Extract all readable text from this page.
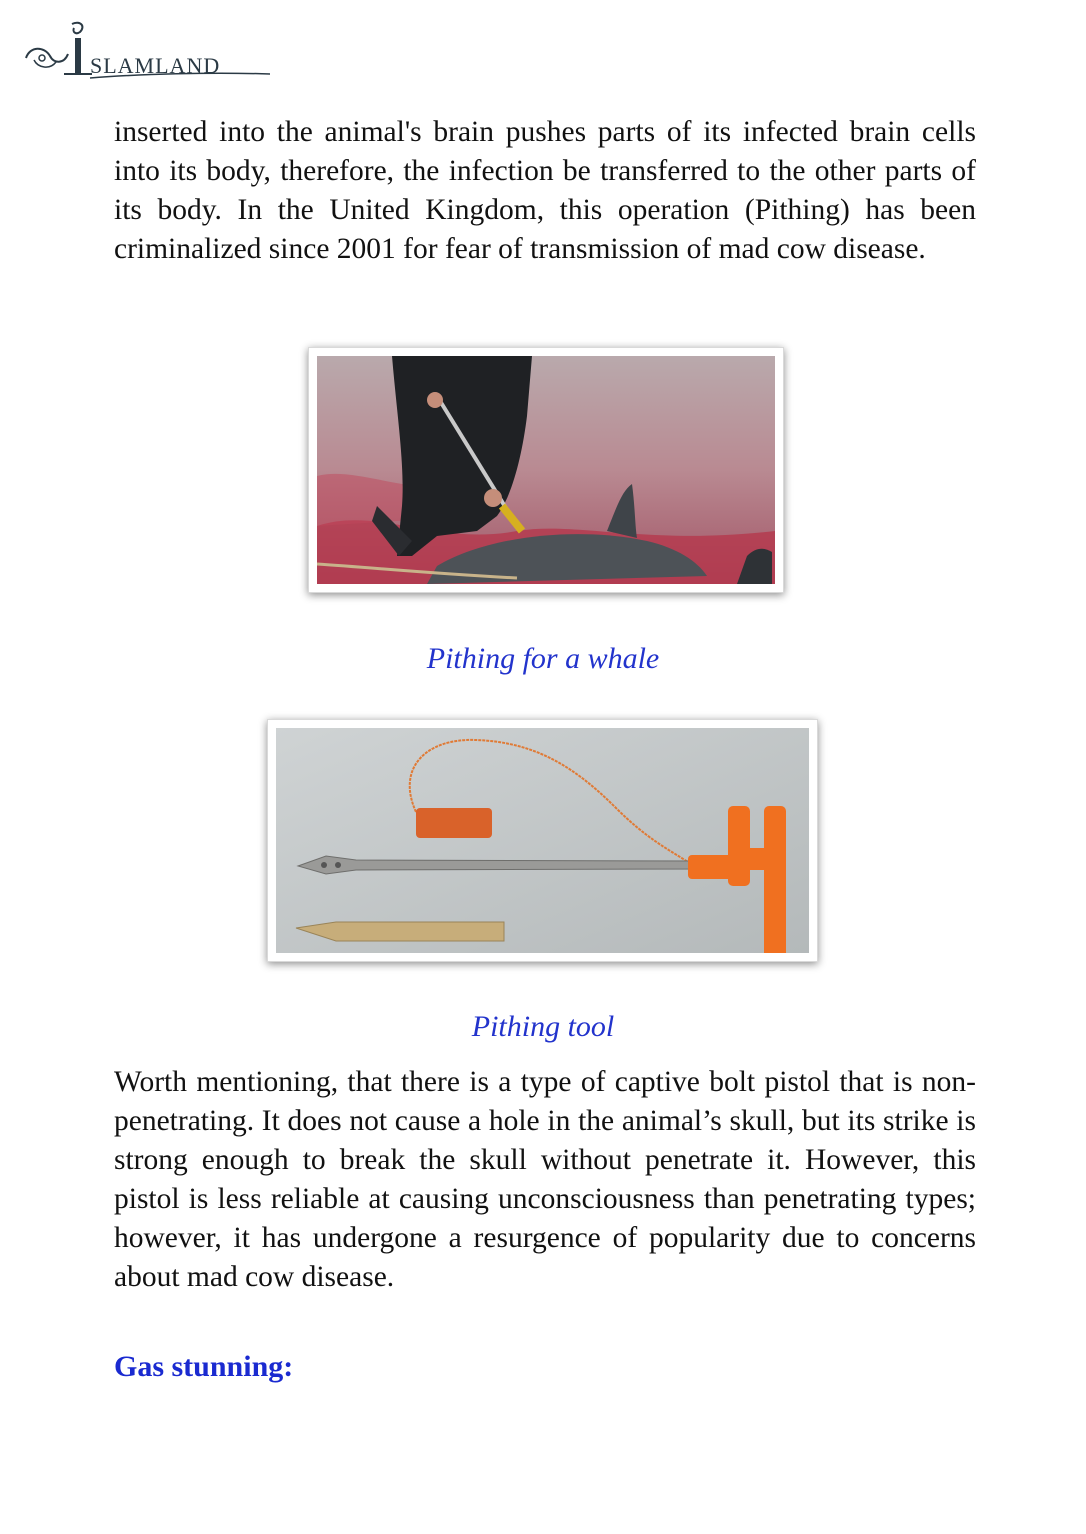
SLAMLAND

inserted into the animal's brain pushes parts of its infected brain cells into its body, therefore, the infection be transferred to the other parts of its body. In the United Kingdom, this operation (Pithing) has been criminalized since 2001 for fear of transmission of mad cow disease.

Pithing for a whale

Pithing tool

Worth mentioning, that there is a type of captive bolt pistol that is non-penetrating. It does not cause a hole in the animal’s skull, but its strike is strong enough to break the skull without penetrate it. However, this pistol is less reliable at causing unconsciousness than penetrating types; however, it has undergone a resurgence of popularity due to concerns about mad cow disease.

Gas stunning:
